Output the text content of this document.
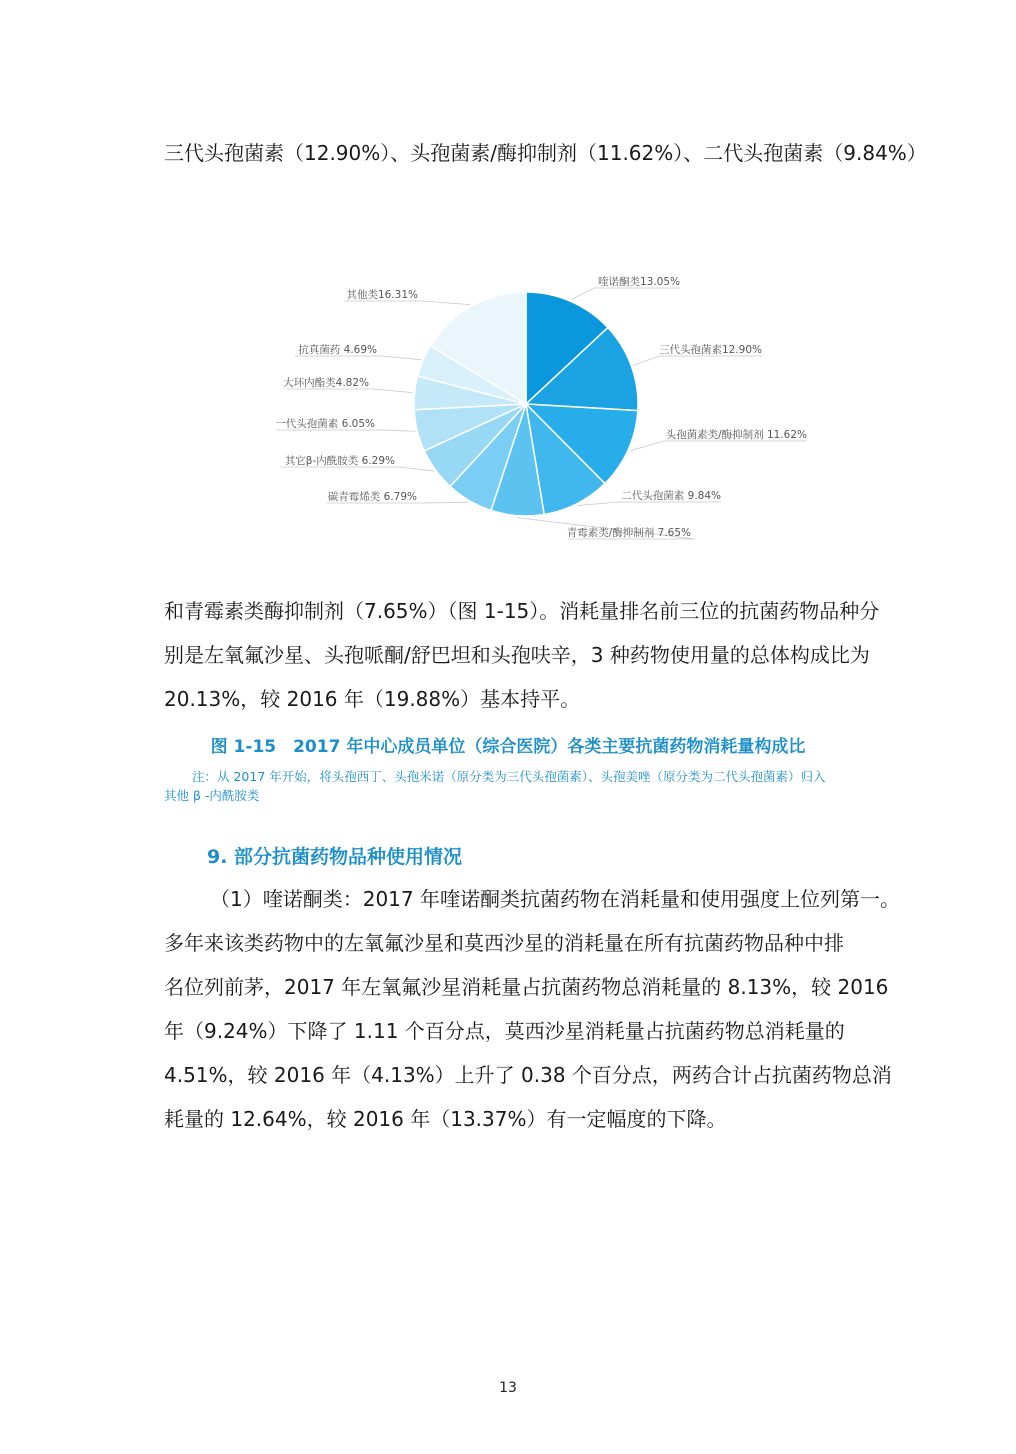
三代头孢菌素（12.90%）、头孢菌素/酶抑制剂（11.62%）、二代头孢菌素（9.84%）
喹诺酮类13.05%
三代头孢菌素12.90%
头孢菌素类/酶抑制剂 11.62%
二代头孢菌素 9.84%
青霉素类/酶抑制剂 7.65%
碳青霉烯类 6.79%
其它β-内酰胺类 6.29%
一代头孢菌素 6.05%
大环内酯类4.82%
抗真菌药 4.69%
其他类16.31%
和青霉素类酶抑制剂（7.65%）（图 1-15）。消耗量排名前三位的抗菌药物品种分
别是左氧氟沙星、头孢哌酮/舒巴坦和头孢呋辛，3 种药物使用量的总体构成比为
20.13%，较 2016 年（19.88%）基本持平。
图 1-15　2017 年中心成员单位（综合医院）各类主要抗菌药物消耗量构成比
注：从 2017 年开始，将头孢西丁、头孢米诺（原分类为三代头孢菌素）、头孢美唑（原分类为二代头孢菌素）归入
其他 β -内酰胺类
9. 部分抗菌药物品种使用情况
（1）喹诺酮类：2017 年喹诺酮类抗菌药物在消耗量和使用强度上位列第一。
多年来该类药物中的左氧氟沙星和莫西沙星的消耗量在所有抗菌药物品种中排
名位列前茅，2017 年左氧氟沙星消耗量占抗菌药物总消耗量的 8.13%，较 2016
年（9.24%）下降了 1.11 个百分点，莫西沙星消耗量占抗菌药物总消耗量的
4.51%，较 2016 年（4.13%）上升了 0.38 个百分点，两药合计占抗菌药物总消
耗量的 12.64%，较 2016 年（13.37%）有一定幅度的下降。
13
